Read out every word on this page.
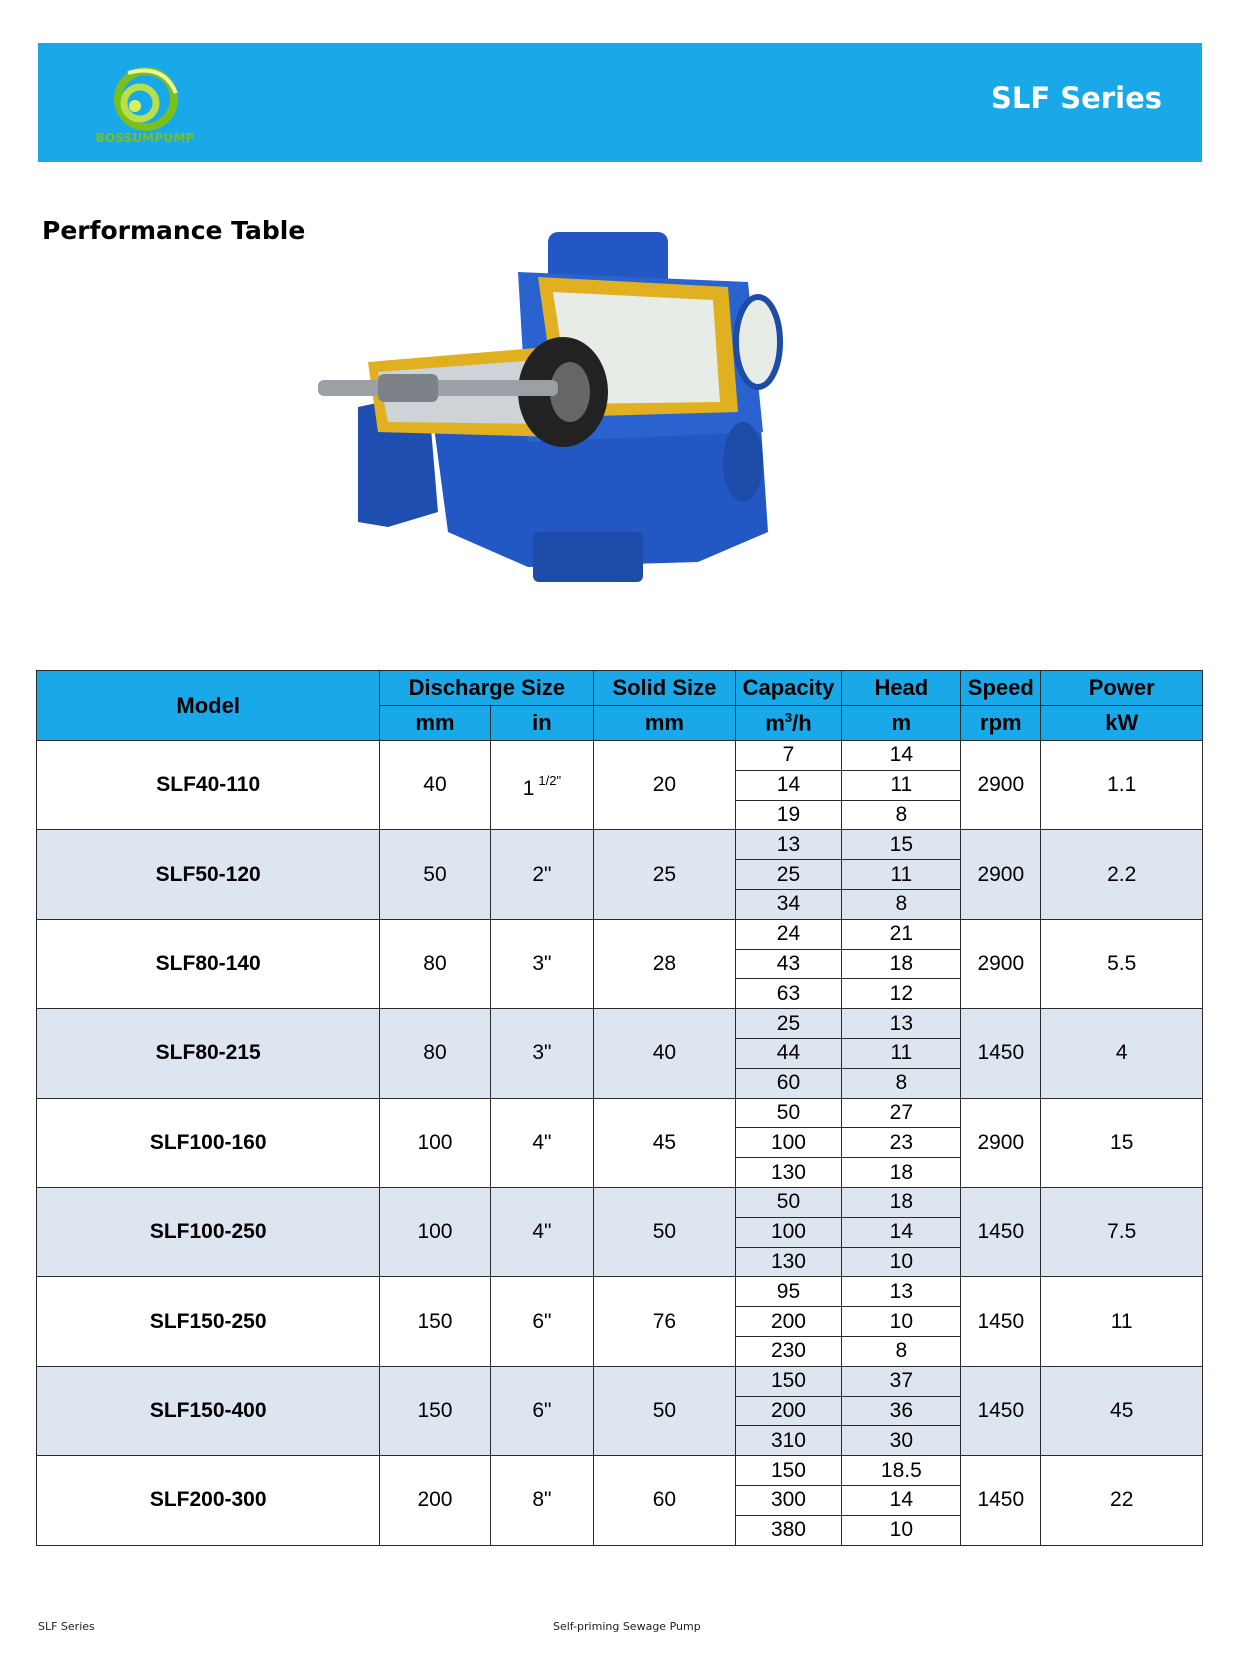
BOSSUMPUMP
SLF Series
Performance Table
Model	Discharge Size		Solid Size	Capacity	Head	Speed	Power
	mm	in	mm	$m^3/h$	m	rpm	kW
SLF40-110	40	1 $^{1/2"}$	20	7	14	2900	1.1
				14	11		
				19	8		
SLF50-120	50	2"	25	13	15	2900	2.2
				25	11		
				34	8		
SLF80-140	80	3"	28	24	21	2900	5.5
				43	18		
				63	12		
SLF80-215	80	3"	40	25	13	1450	4
				44	11		
				60	8		
SLF100-160	100	4"	45	50	27	2900	15
				100	23		
				130	18		
SLF100-250	100	4"	50	50	18	1450	7.5
				100	14		
				130	10		
SLF150-250	150	6"	76	95	13	1450	11
				200	10		
				230	8		
SLF150-400	150	6"	50	150	37	1450	45
				200	36		
				310	30		
SLF200-300	200	8"	60	150	18.5	1450	22
				300	14		
				380	10		
SLF Series	Self-priming Sewage Pump
